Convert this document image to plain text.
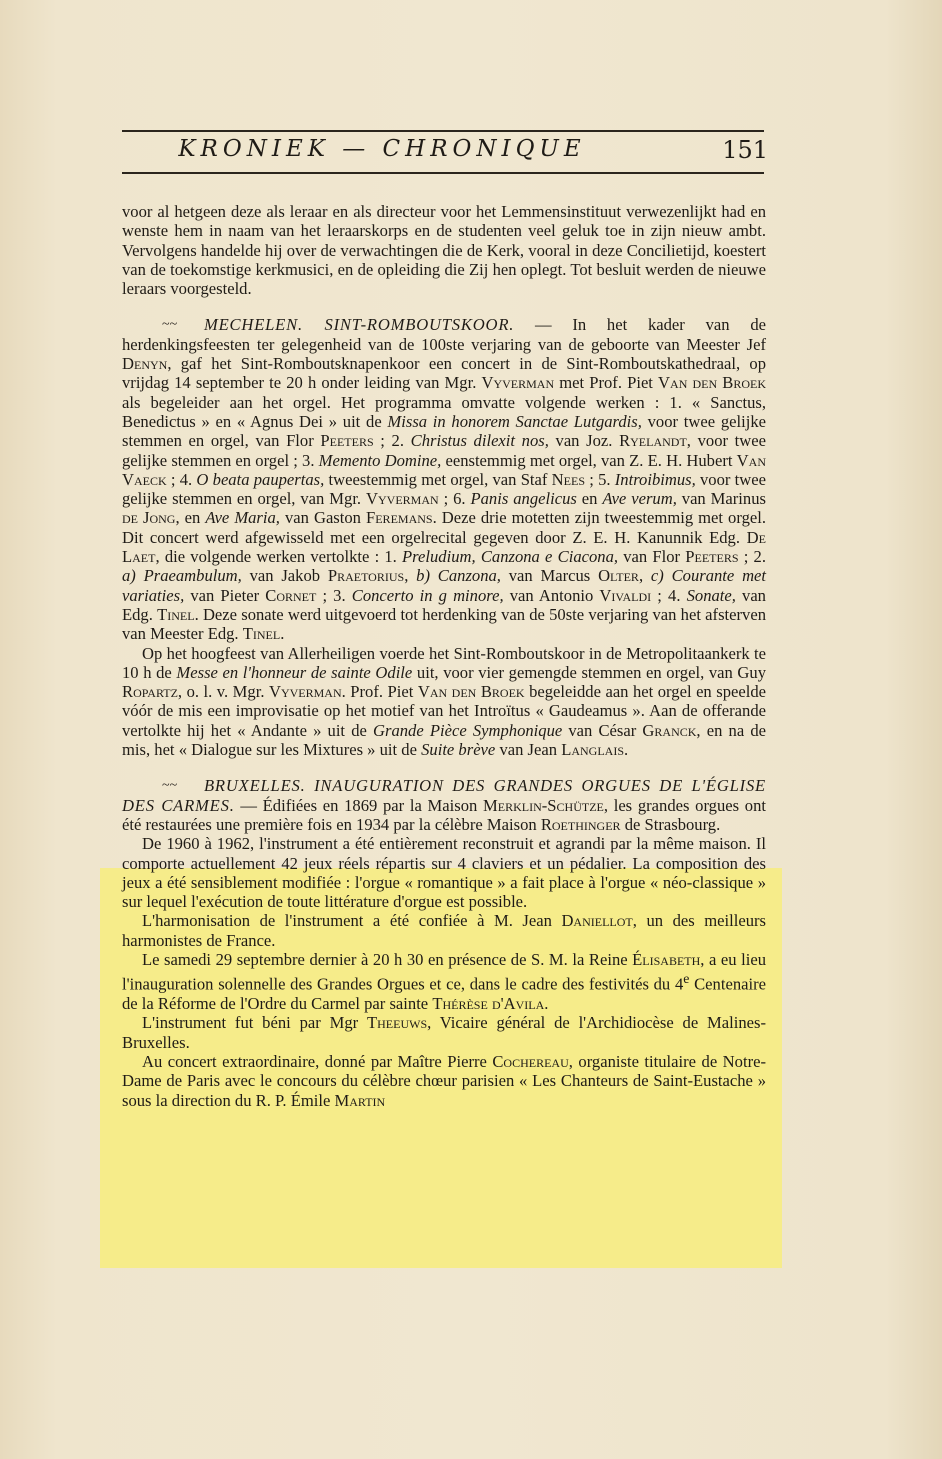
KRONIEK — CHRONIQUE	151

voor al hetgeen deze als leraar en als directeur voor het Lemmensinstituut verwezenlijkt had en wenste hem in naam van het leraarskorps en de studenten veel geluk toe in zijn nieuw ambt. Vervolgens handelde hij over de verwachtingen die de Kerk, vooral in deze Concilietijd, koestert van de toekomstige kerkmusici, en de opleiding die Zij hen oplegt. Tot besluit werden de nieuwe leraars voorgesteld.

~~ MECHELEN. SINT-ROMBOUTSKOOR. — In het kader van de herdenkingsfeesten ter gelegenheid van de 100ste verjaring van de geboorte van Meester Jef Denyn, gaf het Sint-Romboutsknapenkoor een concert in de Sint-Romboutskathedraal, op vrijdag 14 september te 20 h onder leiding van Mgr. Vyverman met Prof. Piet Van den Broek als begeleider aan het orgel. Het programma omvatte volgende werken : 1. « Sanctus, Benedictus » en « Agnus Dei » uit de Missa in honorem Sanctae Lutgardis, voor twee gelijke stemmen en orgel, van Flor Peeters ; 2. Christus dilexit nos, van Joz. Ryelandt, voor twee gelijke stemmen en orgel ; 3. Memento Domine, eenstemmig met orgel, van Z. E. H. Hubert Van Vaeck ; 4. O beata paupertas, tweestemmig met orgel, van Staf Nees ; 5. Introibimus, voor twee gelijke stemmen en orgel, van Mgr. Vyverman ; 6. Panis angelicus en Ave verum, van Marinus de Jong, en Ave Maria, van Gaston Feremans. Deze drie motetten zijn tweestemmig met orgel. Dit concert werd afgewisseld met een orgelrecital gegeven door Z. E. H. Kanunnik Edg. De Laet, die volgende werken vertolkte : 1. Preludium, Canzona e Ciacona, van Flor Peeters ; 2. a) Praeambulum, van Jakob Praetorius, b) Canzona, van Marcus Olter, c) Courante met variaties, van Pieter Cornet ; 3. Concerto in g minore, van Antonio Vivaldi ; 4. Sonate, van Edg. Tinel. Deze sonate werd uitgevoerd tot herdenking van de 50ste verjaring van het afsterven van Meester Edg. Tinel.

Op het hoogfeest van Allerheiligen voerde het Sint-Romboutskoor in de Metropolitaankerk te 10 h de Messe en l'honneur de sainte Odile uit, voor vier gemengde stemmen en orgel, van Guy Ropartz, o. l. v. Mgr. Vyverman. Prof. Piet Van den Broek begeleidde aan het orgel en speelde vóór de mis een improvisatie op het motief van het Introïtus « Gaudeamus ». Aan de offerande vertolkte hij het « Andante » uit de Grande Pièce Symphonique van César Granck, en na de mis, het « Dialogue sur les Mixtures » uit de Suite brève van Jean Langlais.

~~ BRUXELLES. INAUGURATION DES GRANDES ORGUES DE L'ÉGLISE DES CARMES. — Édifiées en 1869 par la Maison Merklin-Schütze, les grandes orgues ont été restaurées une première fois en 1934 par la célèbre Maison Roethinger de Strasbourg.

De 1960 à 1962, l'instrument a été entièrement reconstruit et agrandi par la même maison. Il comporte actuellement 42 jeux réels répartis sur 4 claviers et un pédalier. La composition des jeux a été sensiblement modifiée : l'orgue « romantique » a fait place à l'orgue « néo-classique » sur lequel l'exécution de toute littérature d'orgue est possible.

L'harmonisation de l'instrument a été confiée à M. Jean Daniellot, un des meilleurs harmonistes de France.

Le samedi 29 septembre dernier à 20 h 30 en présence de S. M. la Reine Élisabeth, a eu lieu l'inauguration solennelle des Grandes Orgues et ce, dans le cadre des festivités du 4e Centenaire de la Réforme de l'Ordre du Carmel par sainte Thérèse d'Avila.

L'instrument fut béni par Mgr Theeuws, Vicaire général de l'Archidiocèse de Malines-Bruxelles.

Au concert extraordinaire, donné par Maître Pierre Cochereau, organiste titulaire de Notre-Dame de Paris avec le concours du célèbre chœur parisien « Les Chanteurs de Saint-Eustache » sous la direction du R. P. Émile Martin
